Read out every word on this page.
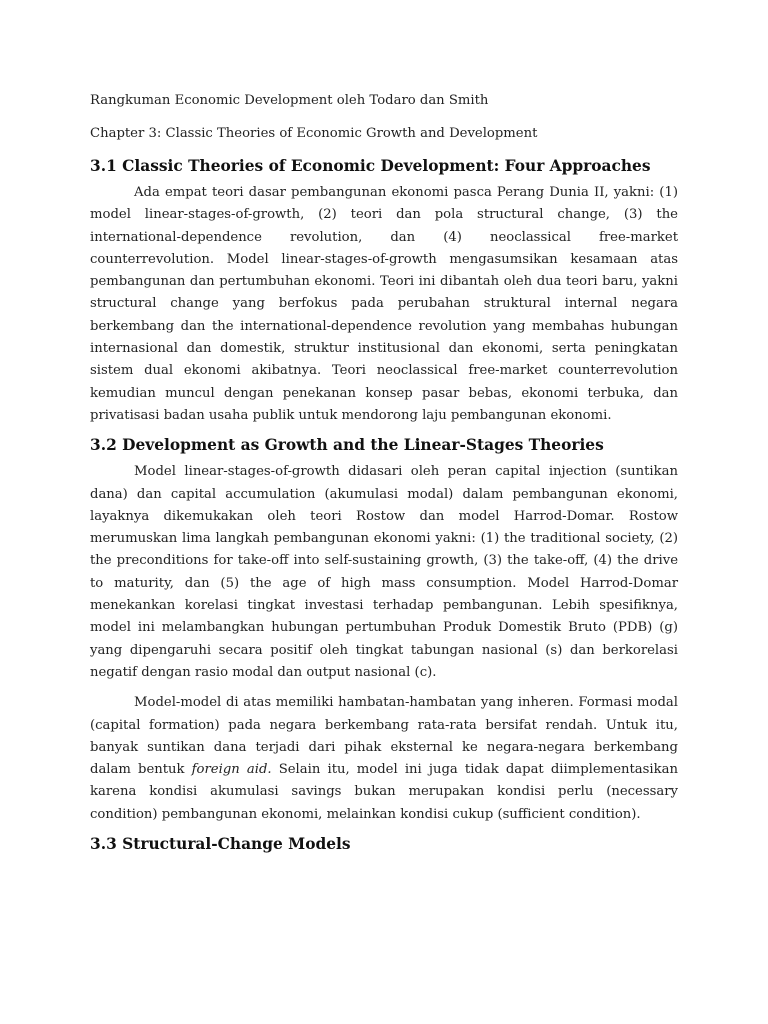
Rangkuman Economic Development oleh Todaro dan Smith
Chapter 3: Classic Theories of Economic Growth and Development
3.1 Classic Theories of Economic Development: Four Approaches

Ada empat teori dasar pembangunan ekonomi pasca Perang Dunia II, yakni: (1) model linear-stages-of-growth, (2) teori dan pola structural change, (3) the international-dependence revolution, dan (4) neoclassical free-market counterrevolution. Model linear-stages-of-growth mengasumsikan kesamaan atas pembangunan dan pertumbuhan ekonomi. Teori ini dibantah oleh dua teori baru, yakni structural change yang berfokus pada perubahan struktural internal negara berkembang dan the international-dependence revolution yang membahas hubungan internasional dan domestik, struktur institusional dan ekonomi, serta peningkatan sistem dual ekonomi akibatnya. Teori neoclassical free-market counterrevolution kemudian muncul dengan penekanan konsep pasar bebas, ekonomi terbuka, dan privatisasi badan usaha publik untuk mendorong laju pembangunan ekonomi.

3.2 Development as Growth and the Linear-Stages Theories

Model linear-stages-of-growth didasari oleh peran capital injection (suntikan dana) dan capital accumulation (akumulasi modal) dalam pembangunan ekonomi, layaknya dikemukakan oleh teori Rostow dan model Harrod-Domar. Rostow merumuskan lima langkah pembangunan ekonomi yakni: (1) the traditional society, (2) the preconditions for take-off into self-sustaining growth, (3) the take-off, (4) the drive to maturity, dan (5) the age of high mass consumption. Model Harrod-Domar menekankan korelasi tingkat investasi terhadap pembangunan. Lebih spesifiknya, model ini melambangkan hubungan pertumbuhan Produk Domestik Bruto (PDB) (g) yang dipengaruhi secara positif oleh tingkat tabungan nasional (s) dan berkorelasi negatif dengan rasio modal dan output nasional (c).

Model-model di atas memiliki hambatan-hambatan yang inheren. Formasi modal (capital formation) pada negara berkembang rata-rata bersifat rendah. Untuk itu, banyak suntikan dana terjadi dari pihak eksternal ke negara-negara berkembang dalam bentuk foreign aid. Selain itu, model ini juga tidak dapat diimplementasikan karena kondisi akumulasi savings bukan merupakan kondisi perlu (necessary condition) pembangunan ekonomi, melainkan kondisi cukup (sufficient condition).

3.3 Structural-Change Models
